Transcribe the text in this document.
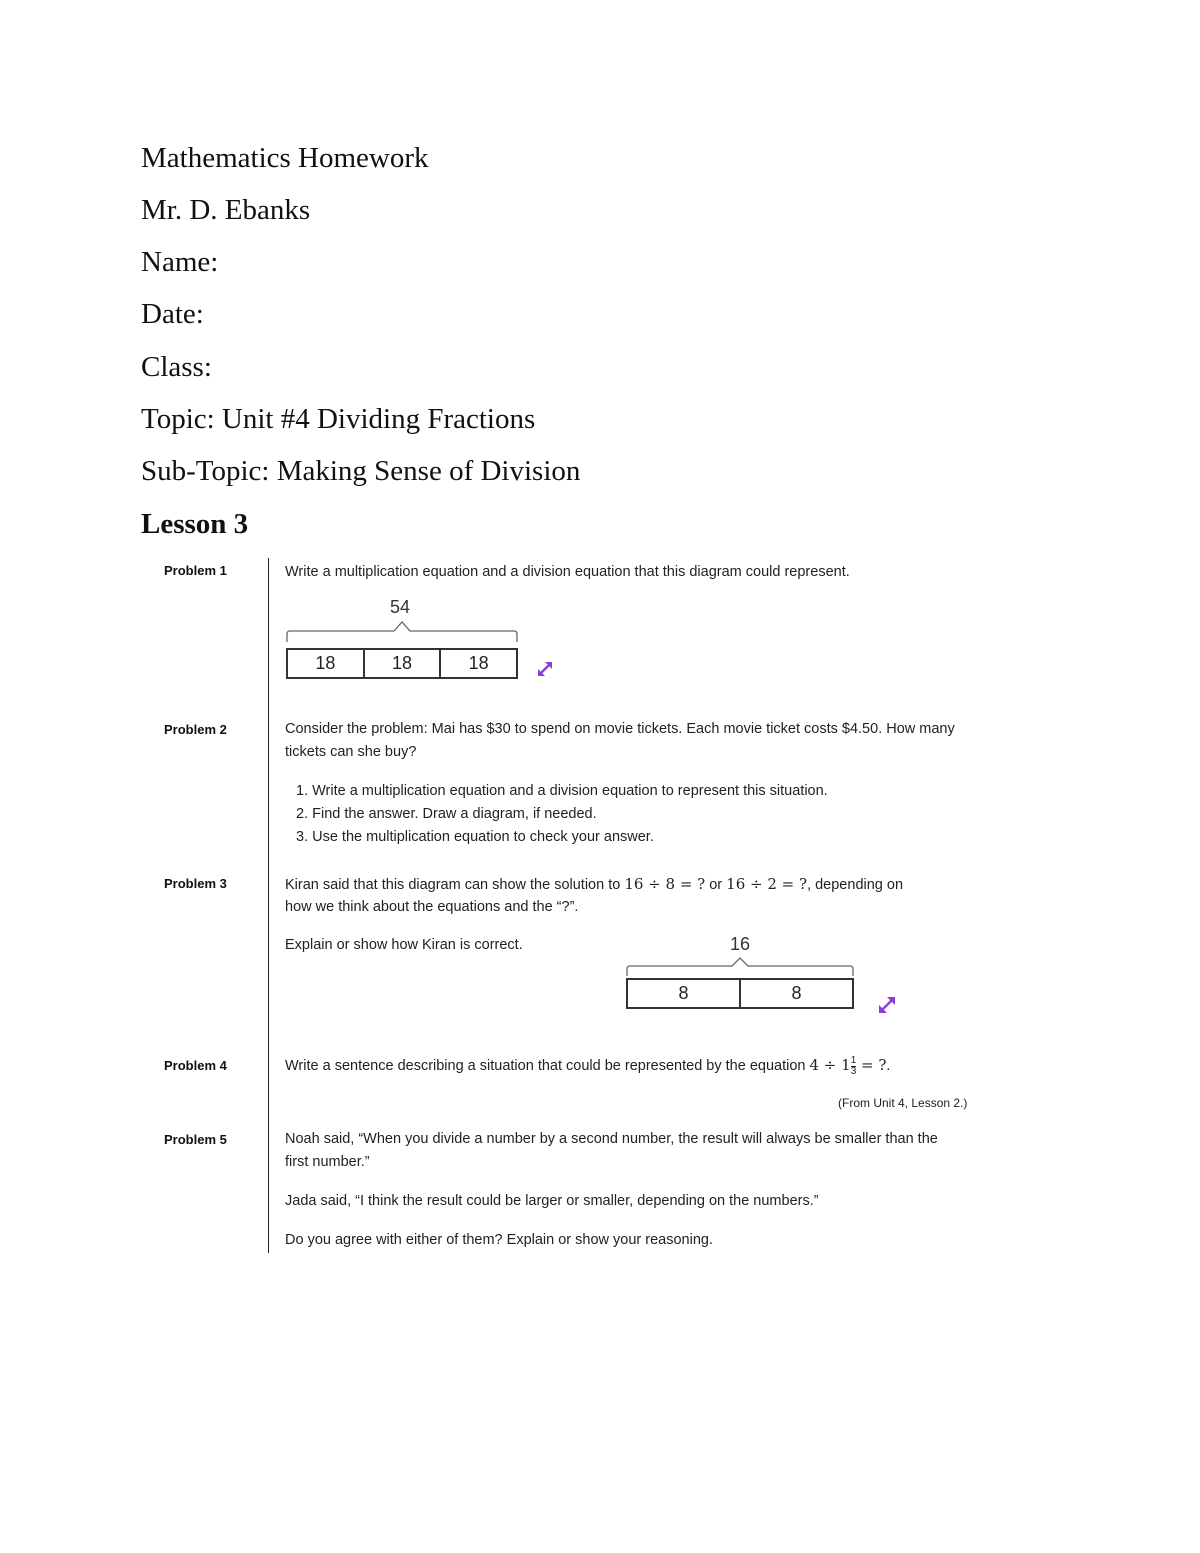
Mathematics Homework
Mr. D. Ebanks
Name:
Date:
Class:
Topic: Unit #4 Dividing Fractions
Sub-Topic: Making Sense of Division
Lesson 3
Problem 1	Write a multiplication equation and a division equation that this diagram could represent.
54
18	18	18
Problem 2	Consider the problem: Mai has $30 to spend on movie tickets. Each movie ticket costs $4.50. How many tickets can she buy?
1. Write a multiplication equation and a division equation to represent this situation.
2. Find the answer. Draw a diagram, if needed.
3. Use the multiplication equation to check your answer.
Problem 3	Kiran said that this diagram can show the solution to 16 ÷ 8 = ? or 16 ÷ 2 = ?, depending on
how we think about the equations and the “?”.
Explain or show how Kiran is correct.	16
8	8
Problem 4	Write a sentence describing a situation that could be represented by the equation $4 \div 1 \frac{1}{3}$ = ?.
(From Unit 4, Lesson 2.)
Problem 5	Noah said, “When you divide a number by a second number, the result will always be smaller than the first number.”
Jada said, “I think the result could be larger or smaller, depending on the numbers.”
Do you agree with either of them? Explain or show your reasoning.
